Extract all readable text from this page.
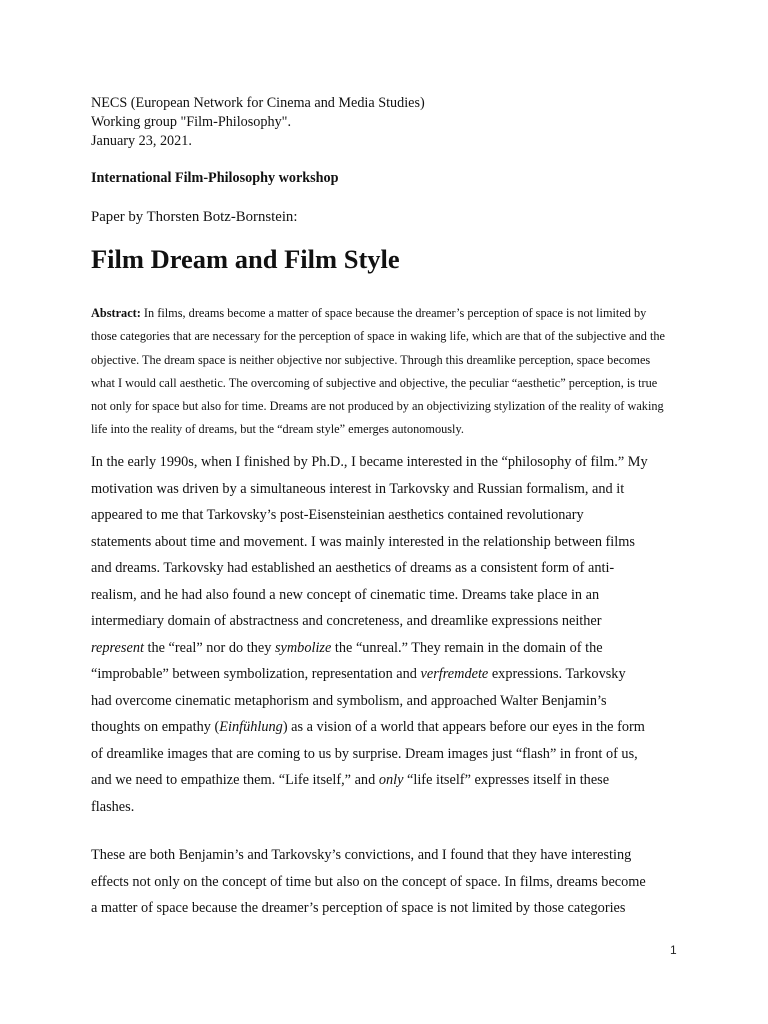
NECS (European Network for Cinema and Media Studies)

Working group "Film-Philosophy".

January 23, 2021.

International Film-Philosophy workshop

Paper by Thorsten Botz-Bornstein:

Film Dream and Film Style
Abstract: In films, dreams become a matter of space because the dreamer’s perception of space is not limited by
those categories that are necessary for the perception of space in waking life, which are that of the subjective and the
objective. The dream space is neither objective nor subjective. Through this dreamlike perception, space becomes
what I would call aesthetic. The overcoming of subjective and objective, the peculiar “aesthetic” perception, is true
not only for space but also for time. Dreams are not produced by an objectivizing stylization of the reality of waking
life into the reality of dreams, but the “dream style” emerges autonomously.
In the early 1990s, when I finished by Ph.D., I became interested in the “philosophy of film.” My
motivation was driven by a simultaneous interest in Tarkovsky and Russian formalism, and it
appeared to me that Tarkovsky’s post-Eisensteinian aesthetics contained revolutionary
statements about time and movement. I was mainly interested in the relationship between films
and dreams. Tarkovsky had established an aesthetics of dreams as a consistent form of anti-
realism, and he had also found a new concept of cinematic time. Dreams take place in an
intermediary domain of abstractness and concreteness, and dreamlike expressions neither
represent the “real” nor do they symbolize the “unreal.” They remain in the domain of the
“improbable” between symbolization, representation and verfremdete expressions. Tarkovsky
had overcome cinematic metaphorism and symbolism, and approached Walter Benjamin’s
thoughts on empathy (Einfühlung) as a vision of a world that appears before our eyes in the form
of dreamlike images that are coming to us by surprise. Dream images just “flash” in front of us,
and we need to empathize them. “Life itself,” and only “life itself” expresses itself in these
flashes.
These are both Benjamin’s and Tarkovsky’s convictions, and I found that they have interesting
effects not only on the concept of time but also on the concept of space. In films, dreams become
a matter of space because the dreamer’s perception of space is not limited by those categories
1
